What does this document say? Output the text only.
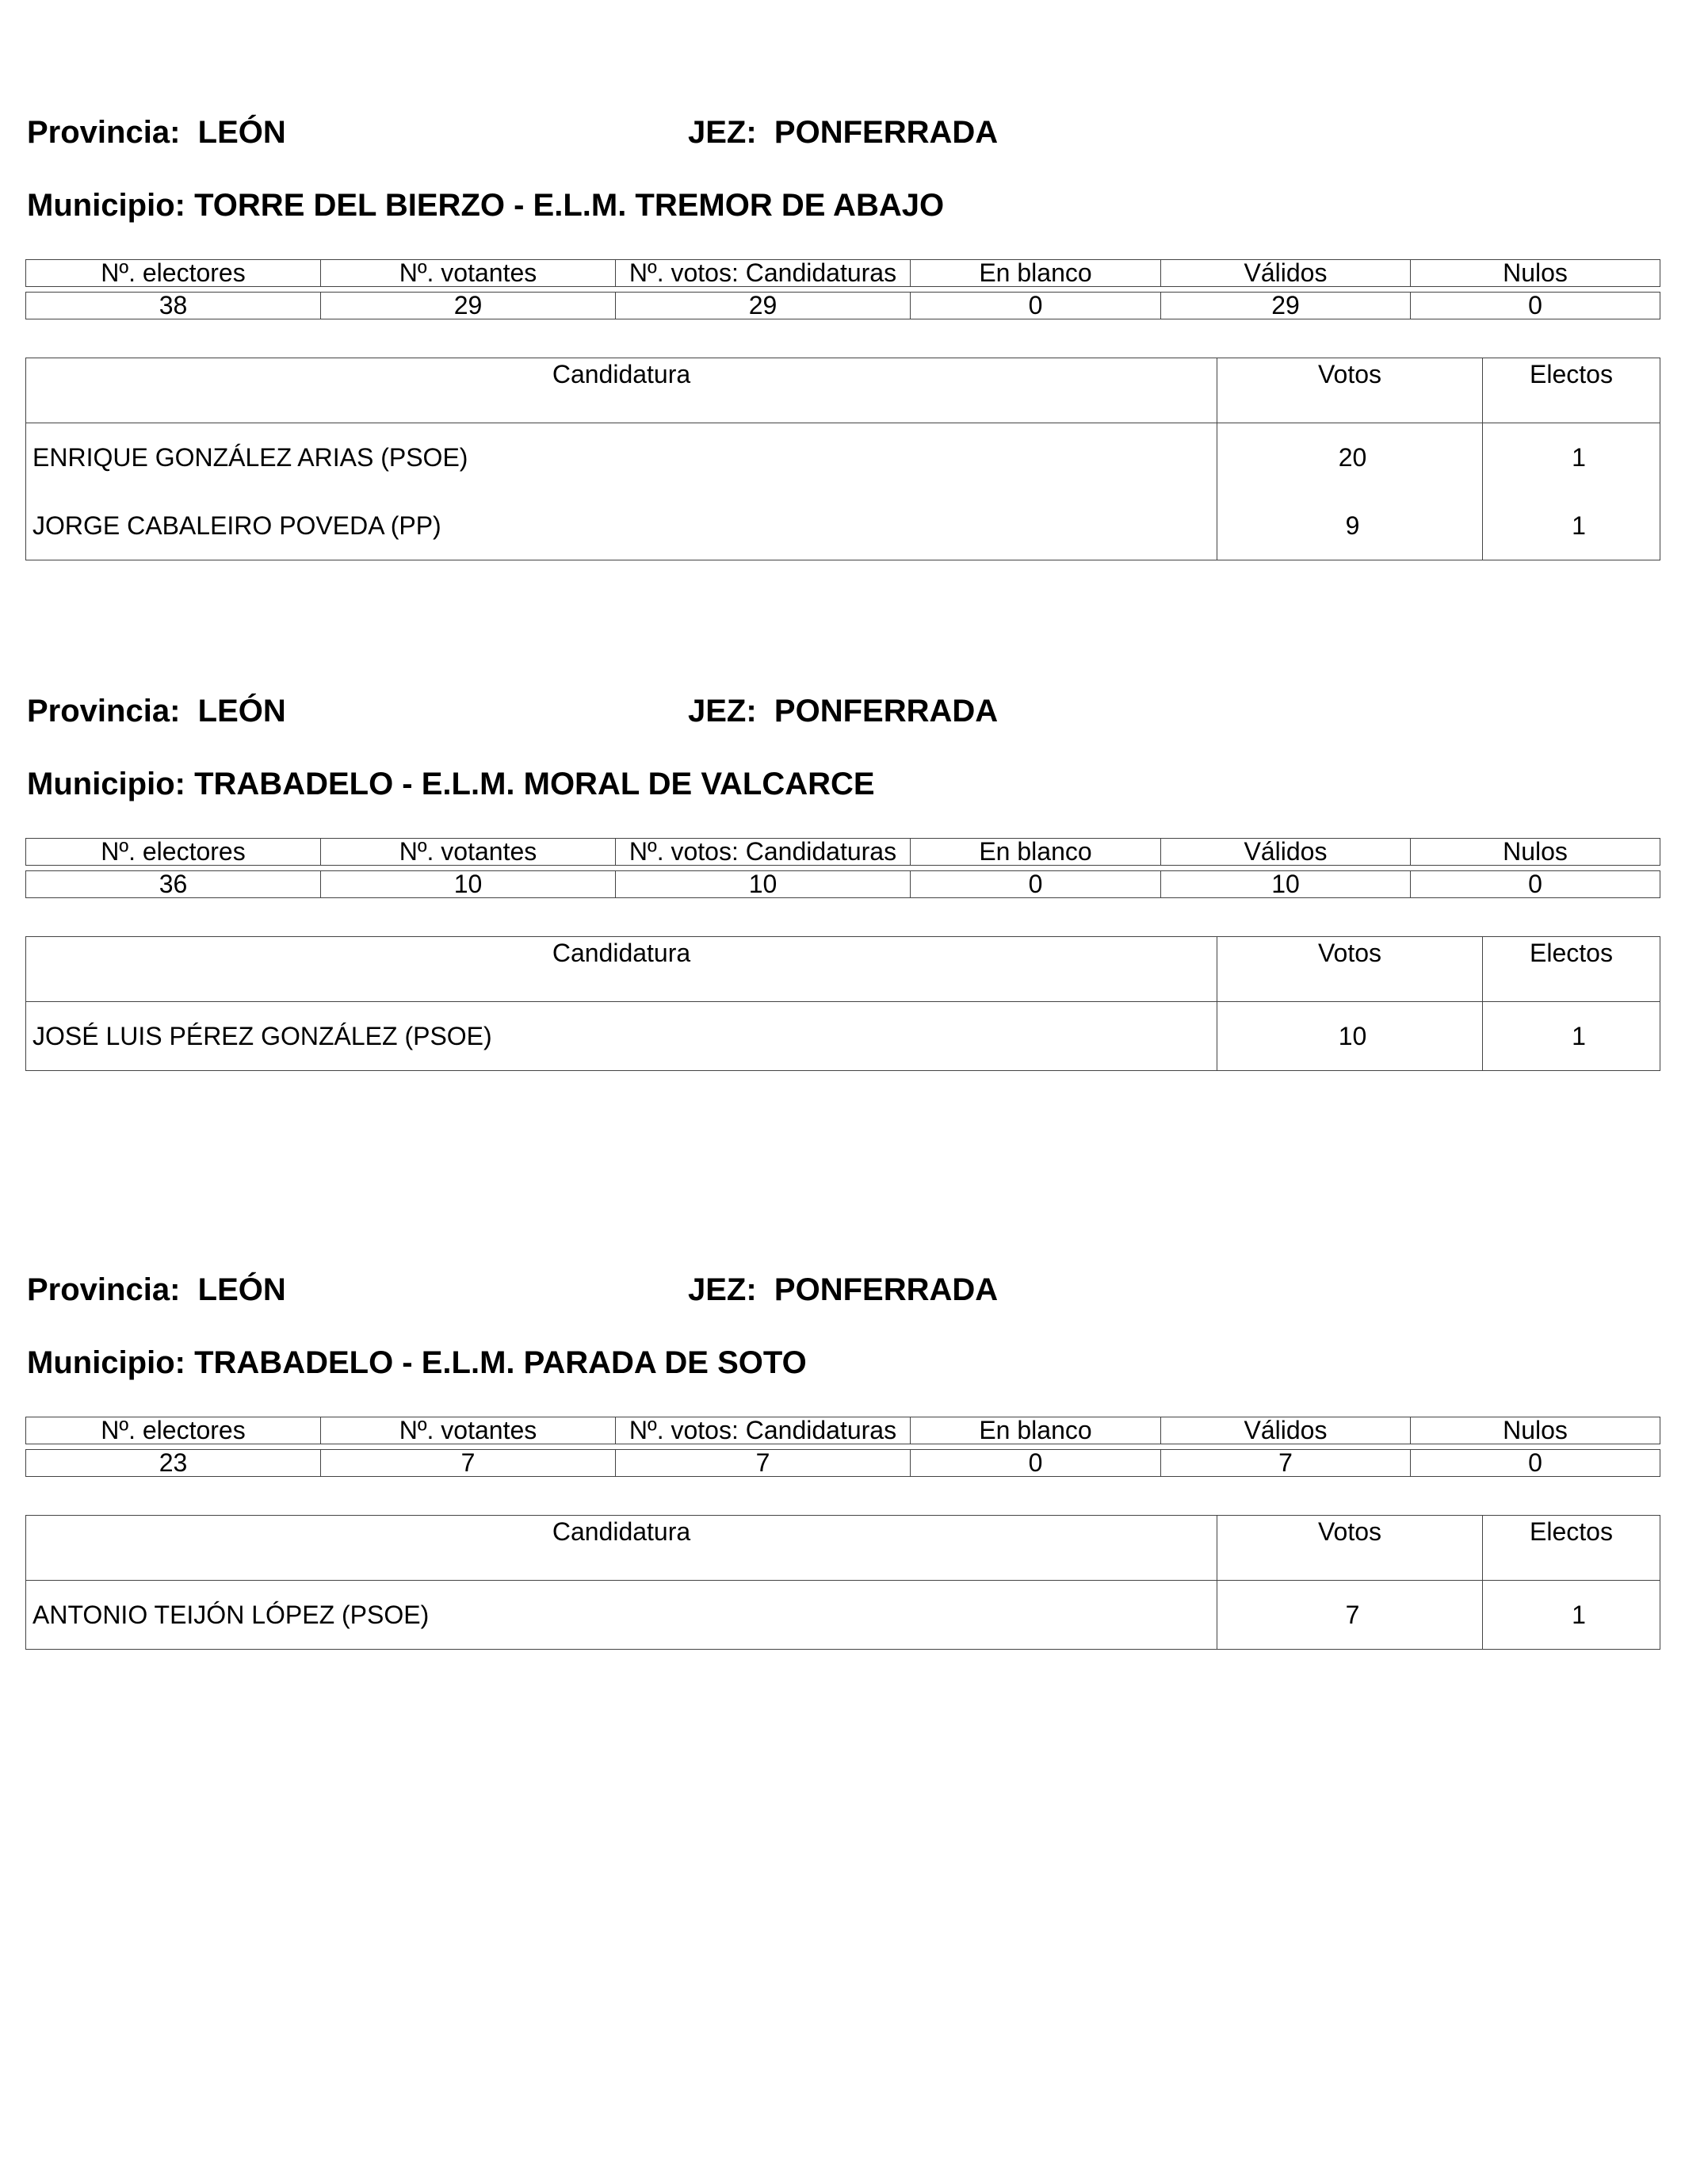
Provincia: LEÓN	JEZ: PONFERRADA
Municipio: TORRE DEL BIERZO - E.L.M. TREMOR DE ABAJO
Nº. electores	Nº. votantes	Nº. votos: Candidaturas	En blanco	Válidos	Nulos

38	29	29	0	29	0
Candidatura	Votos	Electos
ENRIQUE GONZÁLEZ ARIAS (PSOE)	20	1
JORGE CABALEIRO POVEDA (PP)	9	1
Provincia: LEÓN	JEZ: PONFERRADA
Municipio: TRABADELO - E.L.M. MORAL DE VALCARCE
Nº. electores	Nº. votantes	Nº. votos: Candidaturas	En blanco	Válidos	Nulos

36	10	10	0	10	0
Candidatura	Votos	Electos
JOSÉ LUIS PÉREZ GONZÁLEZ (PSOE)	10	1
Provincia: LEÓN	JEZ: PONFERRADA
Municipio: TRABADELO - E.L.M. PARADA DE SOTO
Nº. electores	Nº. votantes	Nº. votos: Candidaturas	En blanco	Válidos	Nulos

23	7	7	0	7	0
Candidatura	Votos	Electos
ANTONIO TEIJÓN LÓPEZ (PSOE)	7	1
